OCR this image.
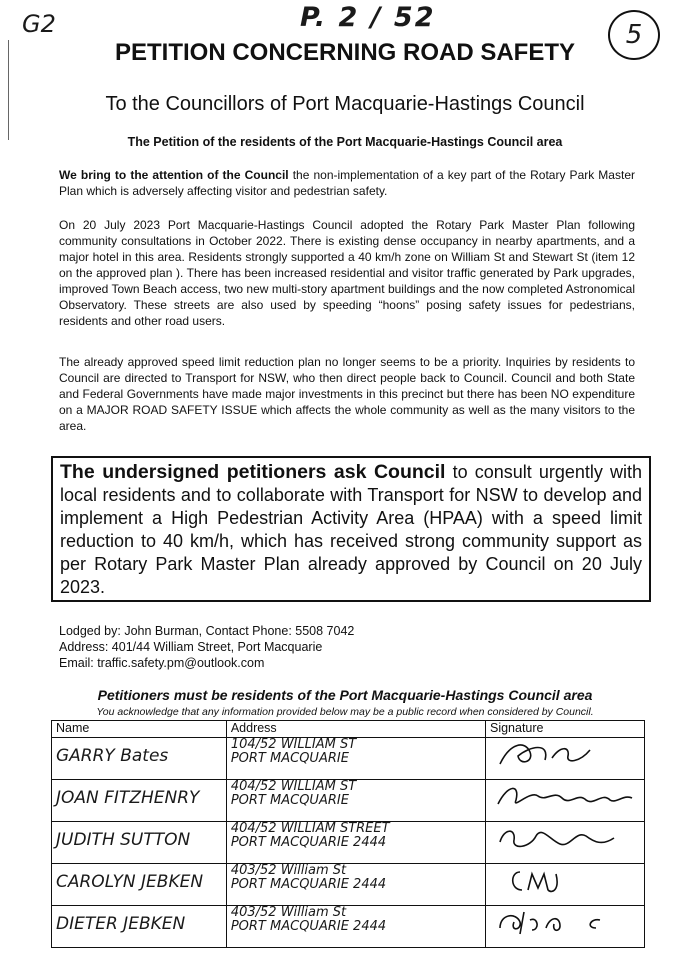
G2	P. 2 / 52
5
PETITION CONCERNING ROAD SAFETY
To the Councillors of Port Macquarie-Hastings Council
The Petition of the residents of the Port Macquarie-Hastings Council area
We bring to the attention of the Council the non-implementation of a key part of the Rotary Park Master Plan which is adversely affecting visitor and pedestrian safety.
On 20 July 2023 Port Macquarie-Hastings Council adopted the Rotary Park Master Plan following community consultations in October 2022. There is existing dense occupancy in nearby apartments, and a major hotel in this area. Residents strongly supported a 40 km/h zone on William St and Stewart St (item 12 on the approved plan ). There has been increased residential and visitor traffic generated by Park upgrades, improved Town Beach access, two new multi-story apartment buildings and the now completed Astronomical Observatory. These streets are also used by speeding “hoons” posing safety issues for pedestrians, residents and other road users.
The already approved speed limit reduction plan no longer seems to be a priority. Inquiries by residents to Council are directed to Transport for NSW, who then direct people back to Council. Council and both State and Federal Governments have made major investments in this precinct but there has been NO expenditure on a MAJOR ROAD SAFETY ISSUE which affects the whole community as well as the many visitors to the area.
The undersigned petitioners ask Council to consult urgently with local residents and to collaborate with Transport for NSW to develop and implement a High Pedestrian Activity Area (HPAA) with a speed limit reduction to 40 km/h, which has received strong community support as per Rotary Park Master Plan already approved by Council on 20 July 2023.
Lodged by: John Burman, Contact Phone: 5508 7042
Address: 401/44 William Street, Port Macquarie
Email: traffic.safety.pm@outlook.com
Petitioners must be residents of the Port Macquarie-Hastings Council area
You acknowledge that any information provided below may be a public record when considered by Council.
Name	Address	Signature
GARRY Bates	104/52 WILLIAM ST
PORT MACQUARIE

JOAN FITZHENRY	404/52 WILLIAM ST
PORT MACQUARIE

JUDITH SUTTON	404/52 WILLIAM STREET
PORT MACQUARIE 2444

CAROLYN JEBKEN	403/52 William St
PORT MACQUARIE 2444

DIETER JEBKEN	403/52 William St
PORT MACQUARIE 2444
